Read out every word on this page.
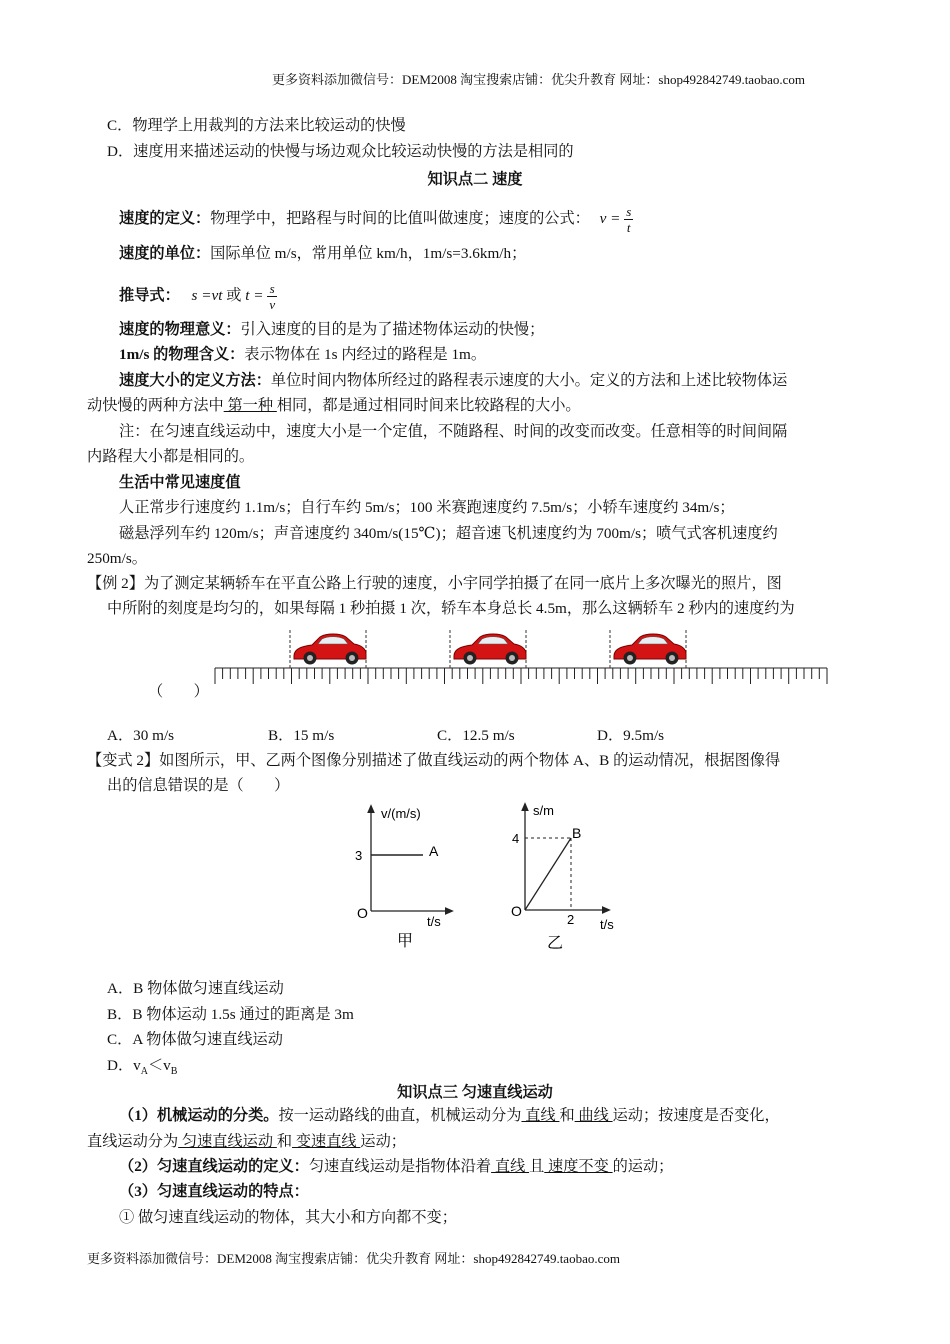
更多资料添加微信号：DEM2008 淘宝搜索店铺：优尖升教育 网址：shop492842749.taobao.com
C．物理学上用裁判的方法来比较运动的快慢
D．速度用来描述运动的快慢与场边观众比较运动快慢的方法是相同的
知识点二 速度
速度的定义：物理学中，把路程与时间的比值叫做速度；速度的公式： $v = \frac{s}{t}$
速度的单位：国际单位 m/s，常用单位 km/h，1m/s=3.6km/h；
推导式： s =vt 或 $t = \frac{s}{v}$
速度的物理意义：引入速度的目的是为了描述物体运动的快慢；
1m/s 的物理含义：表示物体在 1s 内经过的路程是 1m。
速度大小的定义方法：单位时间内物体所经过的路程表示速度的大小。定义的方法和上述比较物体运
动快慢的两种方法中 第一种 相同，都是通过相同时间来比较路程的大小。
注：在匀速直线运动中，速度大小是一个定值，不随路程、时间的改变而改变。任意相等的时间间隔
内路程大小都是相同的。
生活中常见速度值
人正常步行速度约 1.1m/s；自行车约 5m/s；100 米赛跑速度约 7.5m/s；小轿车速度约 34m/s；
磁悬浮列车约 120m/s；声音速度约 340m/s(15℃)；超音速飞机速度约为 700m/s；喷气式客机速度约
250m/s。
【例 2】为了测定某辆轿车在平直公路上行驶的速度，小宇同学拍摄了在同一底片上多次曝光的照片，图
中所附的刻度是均匀的，如果每隔 1 秒拍摄 1 次，轿车本身总长 4.5m，那么这辆轿车 2 秒内的速度约为
（　　）
A．30 m/s	B．15 m/s	C．12.5 m/s	D．9.5m/s
【变式 2】如图所示，甲、乙两个图像分别描述了做直线运动的两个物体 A、B 的运动情况，根据图像得
出的信息错误的是（　　）
v/(m/s)
3	A
O
t/s
甲
s/m
4	B
O
2 t/s
乙
A．B 物体做匀速直线运动
B．B 物体运动 1.5s 通过的距离是 3m
C．A 物体做匀速直线运动
D．$v_A<v_B$
知识点三 匀速直线运动
（1）机械运动的分类。按一运动路线的曲直，机械运动分为 直线 和 曲线 运动；按速度是否变化，
直线运动分为 匀速直线运动 和 变速直线 运动；
（2）匀速直线运动的定义：匀速直线运动是指物体沿着 直线 且 速度不变 的运动；
（3）匀速直线运动的特点：
① 做匀速直线运动的物体，其大小和方向都不变；
更多资料添加微信号：DEM2008 淘宝搜索店铺：优尖升教育 网址：shop492842749.taobao.com
